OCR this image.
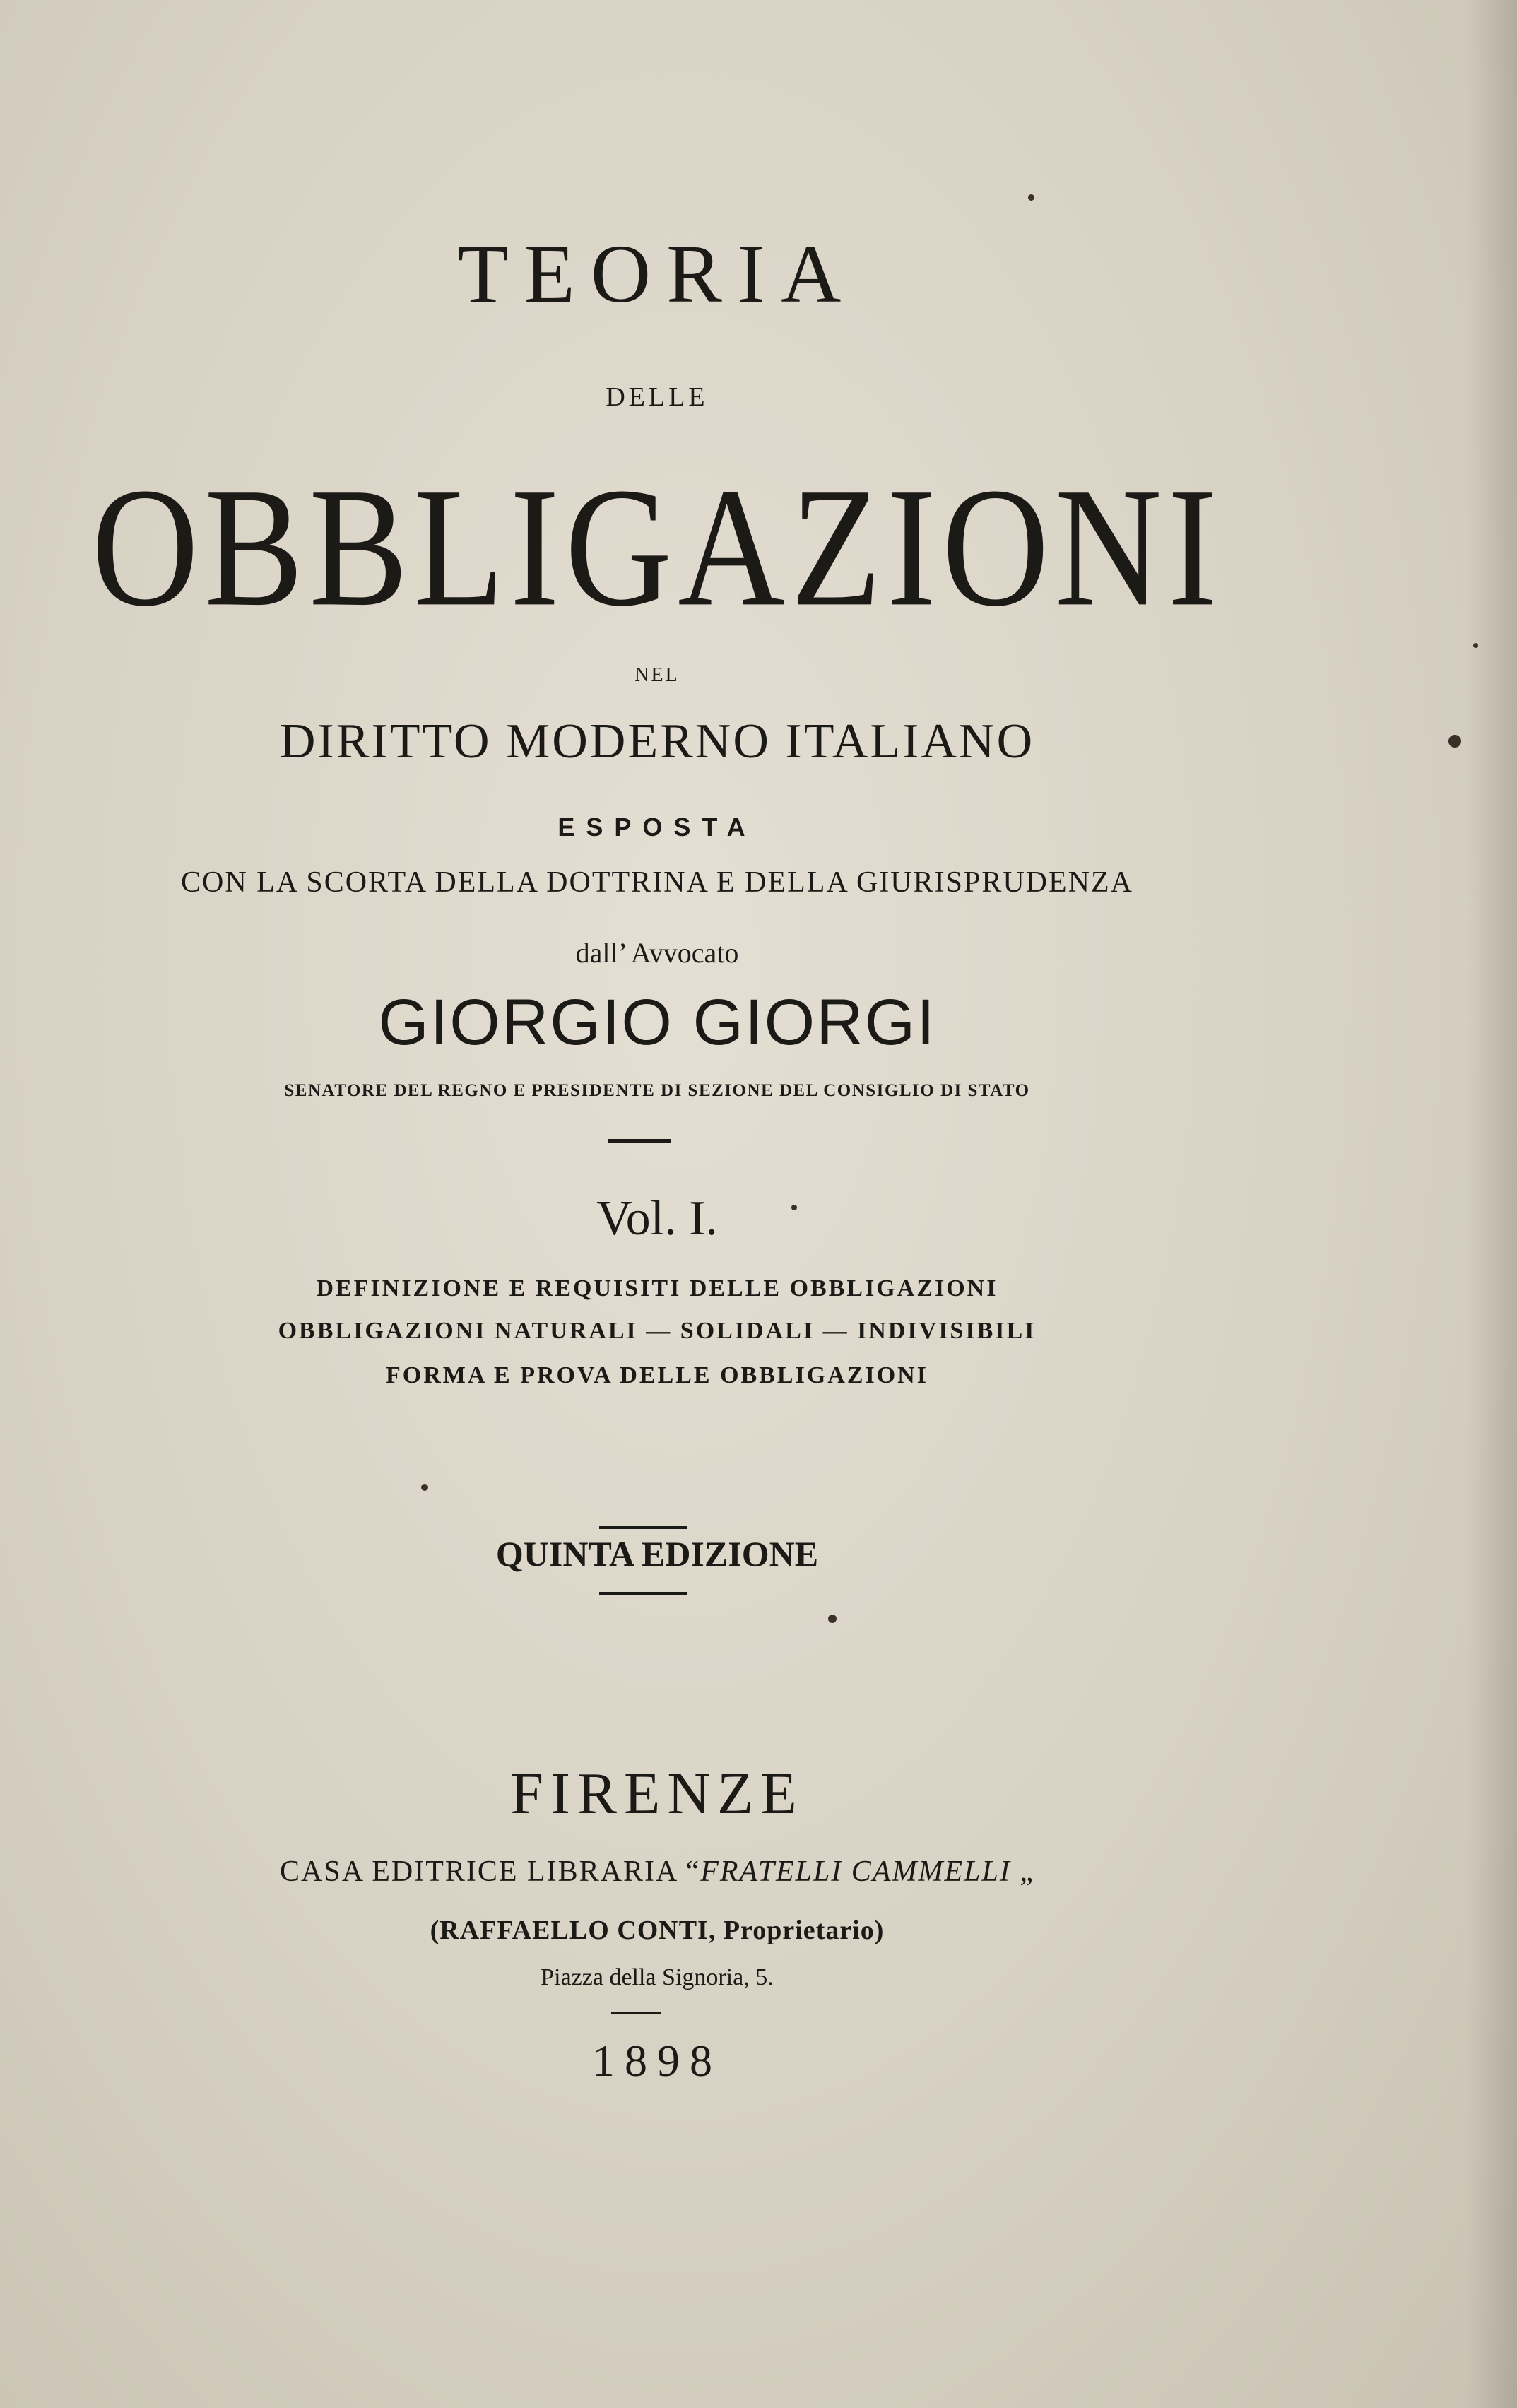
TEORIA
DELLE
OBBLIGAZIONI
NEL
DIRITTO MODERNO ITALIANO
ESPOSTA
CON LA SCORTA DELLA DOTTRINA E DELLA GIURISPRUDENZA
dall’ Avvocato
GIORGIO GIORGI
SENATORE DEL REGNO E PRESIDENTE DI SEZIONE DEL CONSIGLIO DI STATO
Vol. I.
DEFINIZIONE E REQUISITI DELLE OBBLIGAZIONI
OBBLIGAZIONI NATURALI — SOLIDALI — INDIVISIBILI
FORMA E PROVA DELLE OBBLIGAZIONI
QUINTA EDIZIONE
FIRENZE
CASA EDITRICE LIBRARIA “FRATELLI CAMMELLI „
(RAFFAELLO CONTI, Proprietario)
Piazza della Signoria, 5.
1898
